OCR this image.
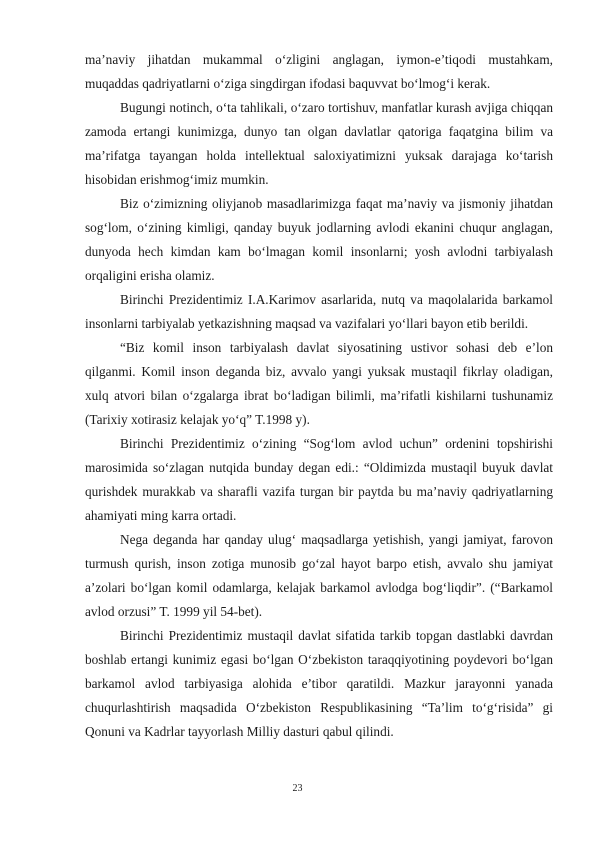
ma’naviy jihatdan mukammal o‘zligini anglagan, iymon-e’tiqodi mustahkam, muqaddas qadriyatlarni o‘ziga singdirgan ifodasi baquvvat bo‘lmog‘i kerak.

Bugungi notinch, o‘ta tahlikali, o‘zaro tortishuv, manfatlar kurash avjiga chiqqan zamoda ertangi kunimizga, dunyo tan olgan davlatlar qatoriga faqatgina bilim va ma’rifatga tayangan holda intellektual saloxiyatimizni yuksak darajaga ko‘tarish hisobidan erishmog‘imiz mumkin.

Biz o‘zimizning oliyjanob masadlarimizga faqat ma’naviy va jismoniy jihatdan sog‘lom, o‘zining kimligi, qanday buyuk jodlarning avlodi ekanini chuqur anglagan, dunyoda hech kimdan kam bo‘lmagan komil insonlarni; yosh avlodni tarbiyalash orqaligini erisha olamiz.

Birinchi Prezidentimiz I.A.Karimov asarlarida, nutq va maqolalarida barkamol insonlarni tarbiyalab yetkazishning maqsad va vazifalari yo‘llari bayon etib berildi.

“Biz komil inson tarbiyalash davlat siyosatining ustivor sohasi deb e’lon qilganmi. Komil inson deganda biz, avvalo yangi yuksak mustaqil fikrlay oladigan, xulq atvori bilan o‘zgalarga ibrat bo‘ladigan bilimli, ma’rifatli kishilarni tushunamiz (Tarixiy xotirasiz kelajak yo‘q” T.1998 y).

Birinchi Prezidentimiz o‘zining “Sog‘lom avlod uchun” ordenini topshirishi marosimida so‘zlagan nutqida bunday degan edi.: “Oldimizda mustaqil buyuk davlat qurishdek murakkab va sharafli vazifa turgan bir paytda bu ma’naviy qadriyatlarning ahamiyati ming karra ortadi.

Nega deganda har qanday ulug‘ maqsadlarga yetishish, yangi jamiyat, farovon turmush qurish, inson zotiga munosib go‘zal hayot barpo etish, avvalo shu jamiyat a’zolari bo‘lgan komil odamlarga, kelajak barkamol avlodga bog‘liqdir”. (“Barkamol avlod orzusi” T. 1999 yil 54-bet).

Birinchi Prezidentimiz mustaqil davlat sifatida tarkib topgan dastlabki davrdan boshlab ertangi kunimiz egasi bo‘lgan O‘zbekiston taraqqiyotining poydevori bo‘lgan barkamol avlod tarbiyasiga alohida e’tibor qaratildi. Mazkur jarayonni yanada chuqurlashtirish maqsadida O‘zbekiston Respublikasining “Ta’lim to‘g‘risida” gi Qonuni va Kadrlar tayyorlash Milliy dasturi qabul qilindi.

23
